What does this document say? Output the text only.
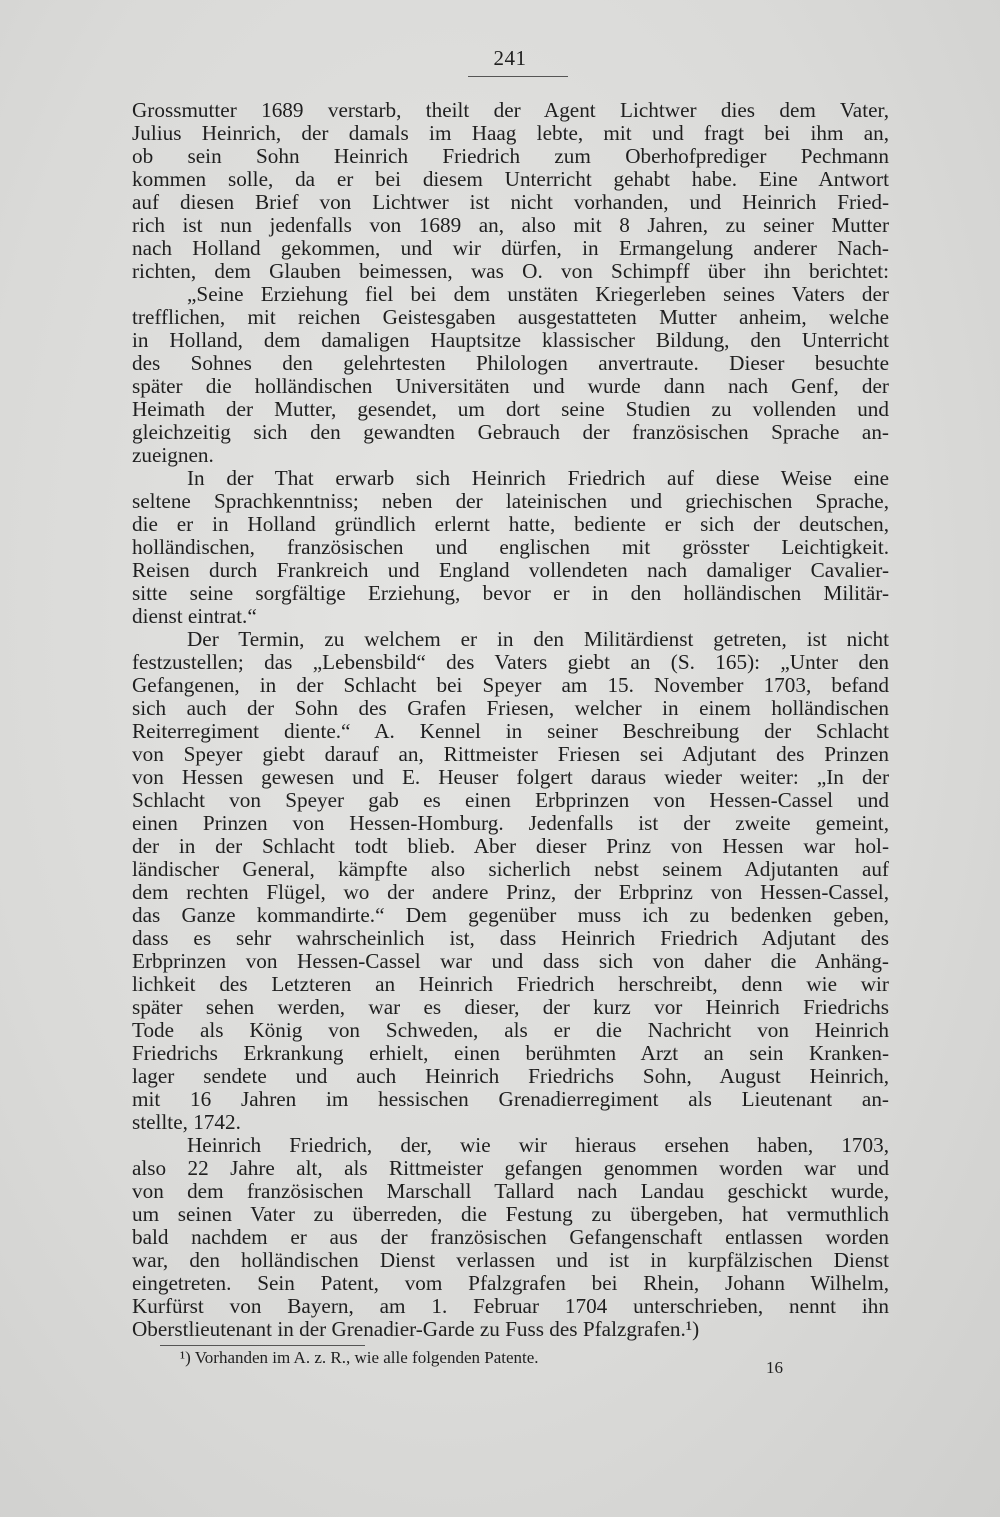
241
Grossmutter 1689 verstarb, theilt der Agent Lichtwer dies dem Vater,
Julius Heinrich, der damals im Haag lebte, mit und fragt bei ihm an,
ob sein Sohn Heinrich Friedrich zum Oberhofprediger Pechmann
kommen solle, da er bei diesem Unterricht gehabt habe. Eine Antwort
auf diesen Brief von Lichtwer ist nicht vorhanden, und Heinrich Fried-
rich ist nun jedenfalls von 1689 an, also mit 8 Jahren, zu seiner Mutter
nach Holland gekommen, und wir dürfen, in Ermangelung anderer Nach-
richten, dem Glauben beimessen, was O. von Schimpff über ihn berichtet:
„Seine Erziehung fiel bei dem unstäten Kriegerleben seines Vaters der
trefflichen, mit reichen Geistesgaben ausgestatteten Mutter anheim, welche
in Holland, dem damaligen Hauptsitze klassischer Bildung, den Unterricht
des Sohnes den gelehrtesten Philologen anvertraute. Dieser besuchte
später die holländischen Universitäten und wurde dann nach Genf, der
Heimath der Mutter, gesendet, um dort seine Studien zu vollenden und
gleichzeitig sich den gewandten Gebrauch der französischen Sprache an-
zueignen.
In der That erwarb sich Heinrich Friedrich auf diese Weise eine
seltene Sprachkenntniss; neben der lateinischen und griechischen Sprache,
die er in Holland gründlich erlernt hatte, bediente er sich der deutschen,
holländischen, französischen und englischen mit grösster Leichtigkeit.
Reisen durch Frankreich und England vollendeten nach damaliger Cavalier-
sitte seine sorgfältige Erziehung, bevor er in den holländischen Militär-
dienst eintrat.“
Der Termin, zu welchem er in den Militärdienst getreten, ist nicht
festzustellen; das „Lebensbild“ des Vaters giebt an (S. 165): „Unter den
Gefangenen, in der Schlacht bei Speyer am 15. November 1703, befand
sich auch der Sohn des Grafen Friesen, welcher in einem holländischen
Reiterregiment diente.“ A. Kennel in seiner Beschreibung der Schlacht
von Speyer giebt darauf an, Rittmeister Friesen sei Adjutant des Prinzen
von Hessen gewesen und E. Heuser folgert daraus wieder weiter: „In der
Schlacht von Speyer gab es einen Erbprinzen von Hessen-Cassel und
einen Prinzen von Hessen-Homburg. Jedenfalls ist der zweite gemeint,
der in der Schlacht todt blieb. Aber dieser Prinz von Hessen war hol-
ländischer General, kämpfte also sicherlich nebst seinem Adjutanten auf
dem rechten Flügel, wo der andere Prinz, der Erbprinz von Hessen-Cassel,
das Ganze kommandirte.“ Dem gegenüber muss ich zu bedenken geben,
dass es sehr wahrscheinlich ist, dass Heinrich Friedrich Adjutant des
Erbprinzen von Hessen-Cassel war und dass sich von daher die Anhäng-
lichkeit des Letzteren an Heinrich Friedrich herschreibt, denn wie wir
später sehen werden, war es dieser, der kurz vor Heinrich Friedrichs
Tode als König von Schweden, als er die Nachricht von Heinrich
Friedrichs Erkrankung erhielt, einen berühmten Arzt an sein Kranken-
lager sendete und auch Heinrich Friedrichs Sohn, August Heinrich,
mit 16 Jahren im hessischen Grenadierregiment als Lieutenant an-
stellte, 1742.
Heinrich Friedrich, der, wie wir hieraus ersehen haben, 1703,
also 22 Jahre alt, als Rittmeister gefangen genommen worden war und
von dem französischen Marschall Tallard nach Landau geschickt wurde,
um seinen Vater zu überreden, die Festung zu übergeben, hat vermuthlich
bald nachdem er aus der französischen Gefangenschaft entlassen worden
war, den holländischen Dienst verlassen und ist in kurpfälzischen Dienst
eingetreten. Sein Patent, vom Pfalzgrafen bei Rhein, Johann Wilhelm,
Kurfürst von Bayern, am 1. Februar 1704 unterschrieben, nennt ihn
Oberstlieutenant in der Grenadier-Garde zu Fuss des Pfalzgrafen.¹)
¹) Vorhanden im A. z. R., wie alle folgenden Patente.
16
